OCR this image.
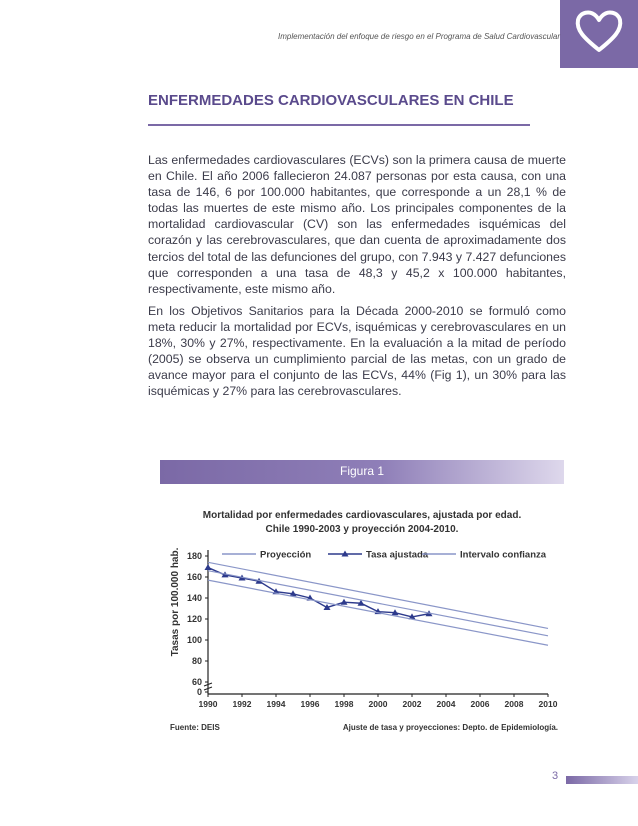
Implementación del enfoque de riesgo en el Programa de Salud Cardiovascular
ENFERMEDADES CARDIOVASCULARES EN CHILE

Las enfermedades cardiovasculares (ECVs) son la primera causa de muerte en Chile. El año 2006 fallecieron 24.087 personas por esta causa, con una tasa de 146, 6 por 100.000 habitantes, que corresponde a un 28,1 % de todas las muertes de este mismo año. Los principales componentes de la mortalidad cardiovascular (CV) son las enfermedades isquémicas del corazón y las cerebrovasculares, que dan cuenta de aproximadamente dos tercios del total de las defunciones del grupo, con 7.943 y 7.427 defunciones que corresponden a una tasa de 48,3 y 45,2 x 100.000 habitantes, respectivamente, este mismo año.

En los Objetivos Sanitarios para la Década 2000-2010 se formuló como meta reducir la mortalidad por ECVs, isquémicas y cerebrovasculares en un 18%, 30% y 27%, respectivamente. En la evaluación a la mitad de período (2005) se observa un cumplimiento parcial de las metas, con un grado de avance mayor para el conjunto de las ECVs, 44% (Fig 1), un 30% para las isquémicas y 27% para las cerebrovasculares.

Figura 1
Mortalidad por enfermedades cardiovasculares, ajustada por edad.
Chile 1990-2003 y proyección 2004-2010.
Tasas por 100.000 hab.
Fuente: DEIS	Ajuste de tasa y proyecciones: Depto. de Epidemiología.
180
160
140
120
100
80
60
0
1990 1992 1994 1996 1998 2000 2002 2004 2006 2008 2010
Proyección	Tasa ajustada	Intervalo confianza
3
